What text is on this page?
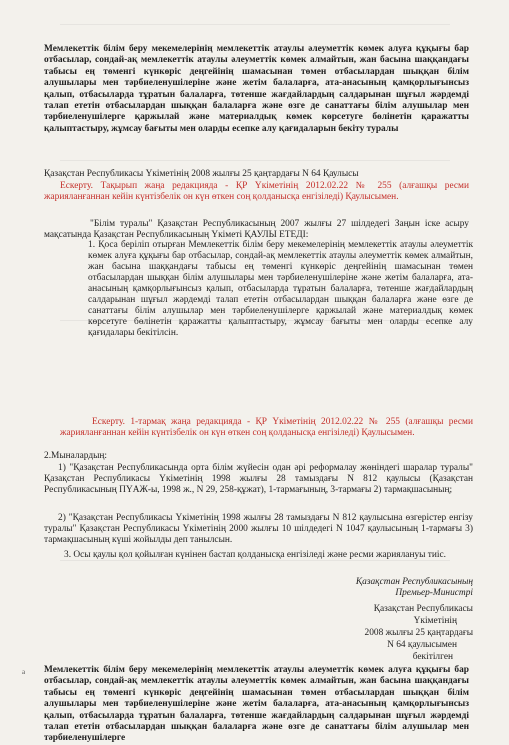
Мемлекеттік білім беру мекемелерінің мемлекеттік атаулы әлеуметтік көмек алуға құқығы бар отбасылар, сондай-ақ мемлекеттік атаулы әлеуметтік көмек алмайтын, жан басына шаққандағы табысы ең төменгі күнкөріс деңгейінің шамасынан төмен отбасылардан шыққан білім алушылары мен тәрбиеленушілеріне және жетім балаларға, ата-анасының қамқорлығынсыз қалып, отбасыларда тұратын балаларға, төтенше жағдайлардың салдарынан шұғыл жәрдемді талап ететін отбасылардан шыққан балаларға және өзге де санаттағы білім алушылар мен тәрбиеленушілерге қаржылай және материалдық көмек көрсетуге бөлінетін қаражатты қалыптастыру, жұмсау бағыты мен оларды есепке алу қағидаларын бекіту туралы

Қазақстан Республикасы Үкіметінің 2008 жылғы 25 қаңтардағы N 64 Қаулысы

Ескерту. Тақырып жаңа редакцияда - ҚР Үкіметінің 2012.02.22 № 255 (алғашқы ресми жарияланғаннан кейін күнтізбелік он күн өткен соң қолданысқа енгізіледі) Қаулысымен.

"Білім туралы" Қазақстан Республикасының 2007 жылғы 27 шілдедегі Заңын іске асыру мақсатында Қазақстан Республикасының Үкіметі ҚАУЛЫ ЕТЕДІ:

1. Қоса беріліп отырған Мемлекеттік білім беру мекемелерінің мемлекеттік атаулы әлеуметтік көмек алуға құқығы бар отбасылар, сондай-ақ мемлекеттік атаулы әлеуметтік көмек алмайтын, жан басына шаққандағы табысы ең төменгі күнкөріс деңгейінің шамасынан төмен отбасылардан шыққан білім алушылары мен тәрбиеленушілеріне және жетім балаларға, ата-анасының қамқорлығынсыз қалып, отбасыларда тұратын балаларға, төтенше жағдайлардың салдарынан шұғыл жәрдемді талап ететін отбасылардан шыққан балаларға және өзге де санаттағы білім алушылар мен тәрбиеленушілерге қаржылай және материалдық көмек көрсетуге бөлінетін қаражатты қалыптастыру, жұмсау бағыты мен оларды есепке алу қағидалары бекітілсін.

Ескерту. 1-тармақ жаңа редакцияда - ҚР Үкіметінің 2012.02.22 № 255 (алғашқы ресми жарияланғаннан кейін күнтізбелік он күн өткен соң қолданысқа енгізіледі) Қаулысымен.

2.Мыналардың:

1) "Қазақстан Республикасында орта білім жүйесін одан әрі реформалау жөніндегі шаралар туралы" Қазақстан Республикасы Үкіметінің 1998 жылғы 28 тамыздағы N 812 қаулысы (Қазақстан Республикасының ПҮАЖ-ы, 1998 ж., N 29, 258-құжат), 1-тармағының, 3-тармағы 2) тармақшасының;

2) "Қазақстан Республикасы Үкіметінің 1998 жылғы 28 тамыздағы N 812 қаулысына өзгерістер енгізу туралы" Қазақстан Республикасы Үкіметінің 2000 жылғы 10 шілдедегі N 1047 қаулысының 1-тармағы 3) тармақшасының күші жойылды деп танылсын.

3. Осы қаулы қол қойылған күнінен бастап қолданысқа енгізіледі және ресми жариялануы тиіс.

Қазақстан Республикасының

Премьер-Министрі

Қазақстан Республикасы

Үкіметінің

2008 жылғы 25 қаңтардағы

N 64 қаулысымен

бекітілген

a Мемлекеттік білім беру мекемелерінің мемлекеттік атаулы әлеуметтік көмек алуға құқығы бар отбасылар, сондай-ақ мемлекеттік атаулы әлеуметтік көмек алмайтын, жан басына шаққандағы табысы ең төменгі күнкөріс деңгейінің шамасынан төмен отбасылардан шыққан білім алушылары мен тәрбиеленушілеріне және жетім балаларға, ата-анасының қамқорлығынсыз қалып, отбасыларда тұратын балаларға, төтенше жағдайлардың салдарынан шұғыл жәрдемді талап ететін отбасылардан шыққан балаларға және өзге де санаттағы білім алушылар мен тәрбиеленушілерге
